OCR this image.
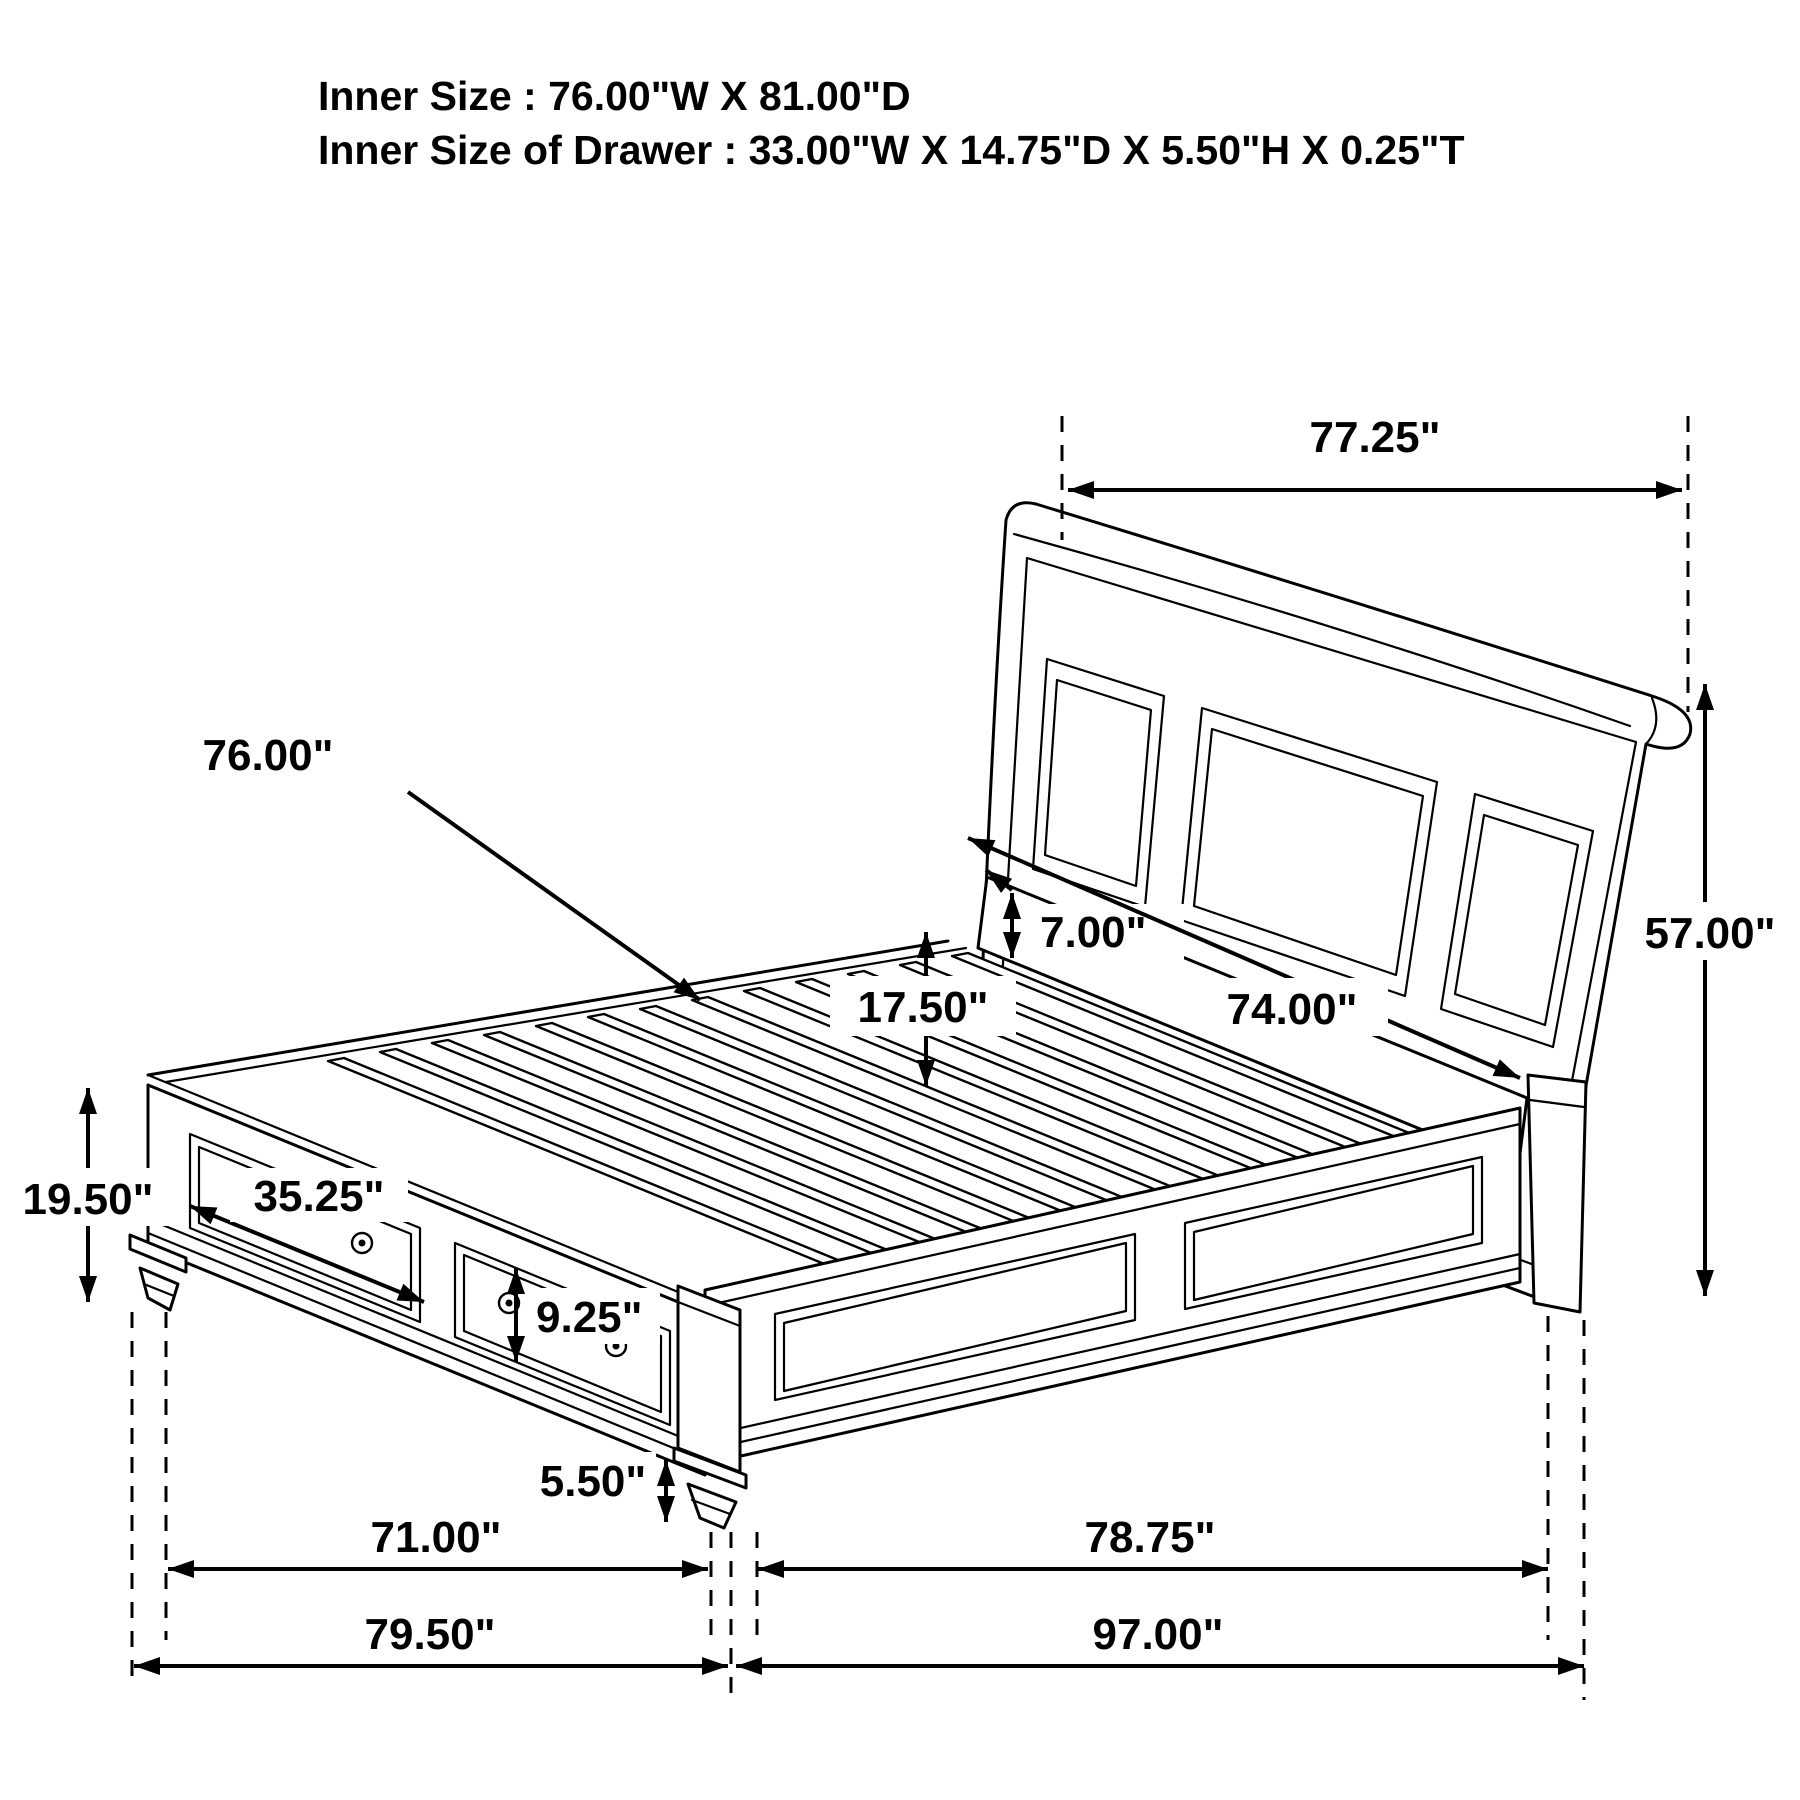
Inner Size : 76.00"W X 81.00"D
Inner Size of Drawer : 33.00"W X 14.75"D X 5.50"H X 0.25"T
77.25"
57.00"
76.00"
7.00"
17.50"	74.00"
19.50" 35.25"
9.25"
5.50"
71.00"	78.75"
79.50"	97.00"
